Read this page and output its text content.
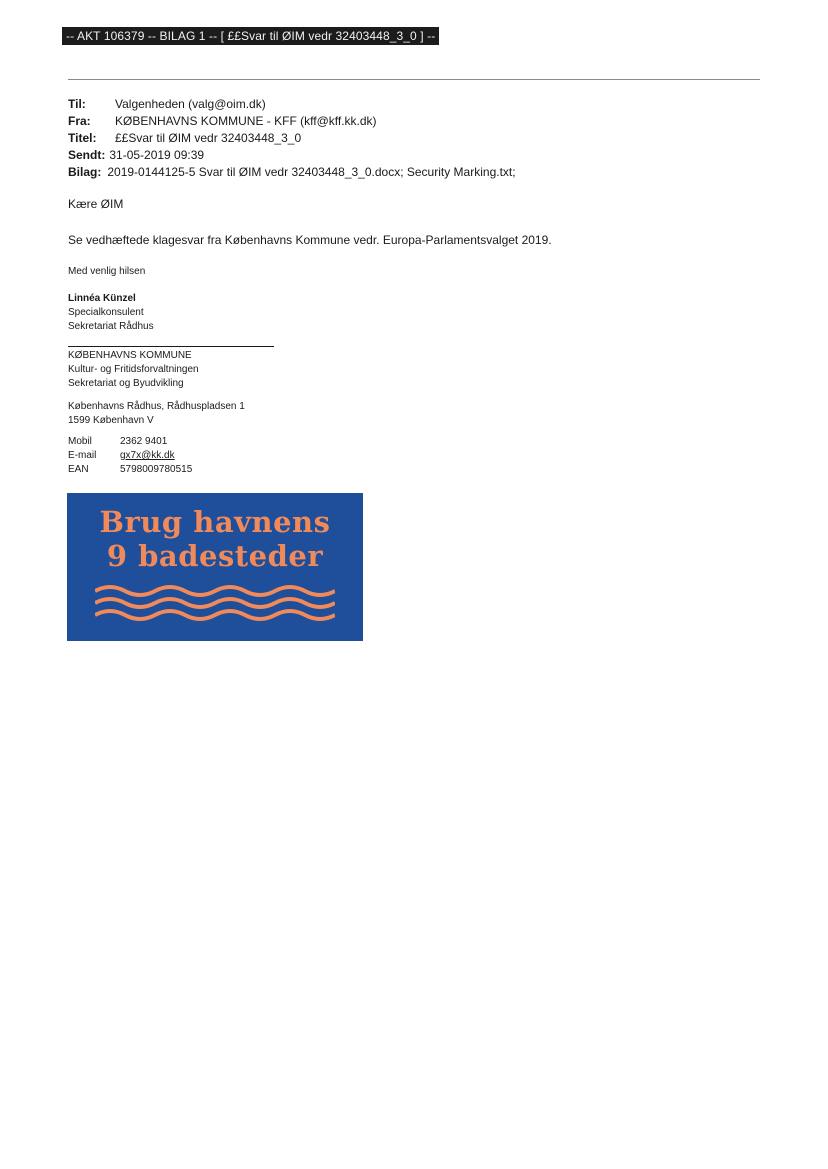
-- AKT 106379 -- BILAG 1 -- [ ££Svar til ØIM vedr 32403448_3_0 ] --
Til:	Valgenheden (valg@oim.dk)
Fra:	KØBENHAVNS KOMMUNE - KFF (kff@kff.kk.dk)
Titel:	££Svar til ØIM vedr 32403448_3_0
Sendt: 31-05-2019 09:39
Bilag: 2019-0144125-5 Svar til ØIM vedr 32403448_3_0.docx; Security Marking.txt;
Kære ØIM
Se vedhæftede klagesvar fra Københavns Kommune vedr. Europa-Parlamentsvalget 2019.
Med venlig hilsen
Linnéa Künzel
Specialkonsulent
Sekretariat Rådhus
KØBENHAVNS KOMMUNE
Kultur- og Fritidsforvaltningen
Sekretariat og Byudvikling
Københavns Rådhus, Rådhuspladsen 1
1599 København V
Mobil	2362 9401
E-mail	gx7x@kk.dk
EAN	5798009780515
Brug havnens
9 badesteder
